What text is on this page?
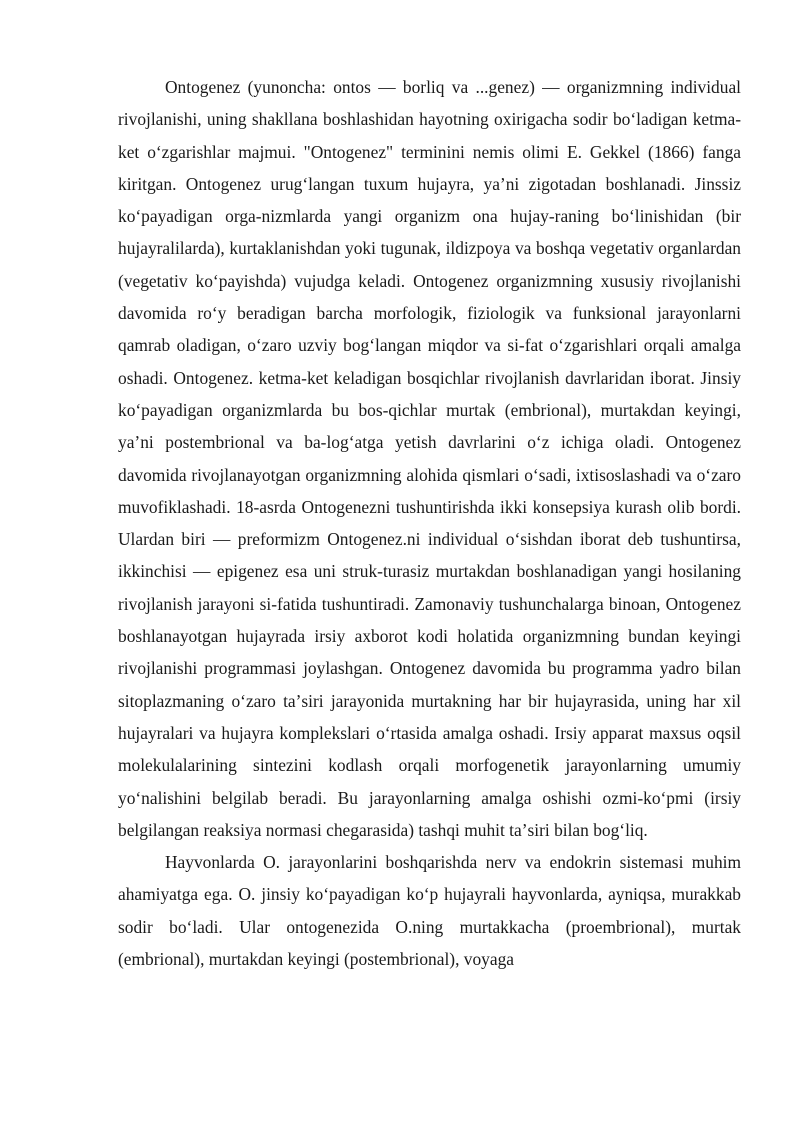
Ontogenez (yunoncha: ontos — borliq va ...genez) — organizmning individual rivojlanishi, uning shakllana boshlashidan hayotning oxirigacha sodir boʻladigan ketma-ket oʻzgarishlar majmui. "Ontogenez" terminini nemis olimi E. Gekkel (1866) fanga kiritgan. Ontogenez urugʻlangan tuxum hujayra, yaʼni zigotadan boshlanadi. Jinssiz koʻpayadigan orga-nizmlarda yangi organizm ona hujay-raning boʻlinishidan (bir hujayralilarda), kurtaklanishdan yoki tugunak, ildizpoya va boshqa vegetativ organlardan (vegetativ koʻpayishda) vujudga keladi. Ontogenez organizmning xususiy rivojlanishi davomida roʻy beradigan barcha morfologik, fiziologik va funksional jarayonlarni qamrab oladigan, oʻzaro uzviy bogʻlangan miqdor va si-fat oʻzgarishlari orqali amalga oshadi. Ontogenez. ketma-ket keladigan bosqichlar rivojlanish davrlaridan iborat. Jinsiy koʻpayadigan organizmlarda bu bos-qichlar murtak (embrional), murtakdan keyingi, yaʼni postembrional va ba-logʻatga yetish davrlarini oʻz ichiga oladi. Ontogenez davomida rivojlanayotgan organizmning alohida qismlari oʻsadi, ixtisoslashadi va oʻzaro muvofiklashadi. 18-asrda Ontogenezni tushuntirishda ikki konsepsiya kurash olib bordi. Ulardan biri — preformizm Ontogenez.ni individual oʻsishdan iborat deb tushuntirsa, ikkinchisi — epigenez esa uni struk-turasiz murtakdan boshlanadigan yangi hosilaning rivojlanish jarayoni si-fatida tushuntiradi. Zamonaviy tushunchalarga binoan, Ontogenez boshlanayotgan hujayrada irsiy axborot kodi holatida organizmning bundan keyingi rivojlanishi programmasi joylashgan. Ontogenez davomida bu programma yadro bilan sitoplazmaning oʻzaro taʼsiri jarayonida murtakning har bir hujayrasida, uning har xil hujayralari va hujayra komplekslari oʻrtasida amalga oshadi. Irsiy apparat maxsus oqsil molekulalarining sintezini kodlash orqali morfogenetik jarayonlarning umumiy yoʻnalishini belgilab beradi. Bu jarayonlarning amalga oshishi ozmi-koʻpmi (irsiy belgilangan reaksiya normasi chegarasida) tashqi muhit taʼsiri bilan bogʻliq.

Hayvonlarda O. jarayonlarini boshqarishda nerv va endokrin sistemasi muhim ahamiyatga ega. O. jinsiy koʻpayadigan koʻp hujayrali hayvonlarda, ayniqsa, murakkab sodir boʻladi. Ular ontogenezida O.ning murtakkacha (proembrional), murtak (embrional), murtakdan keyingi (postembrional), voyaga
